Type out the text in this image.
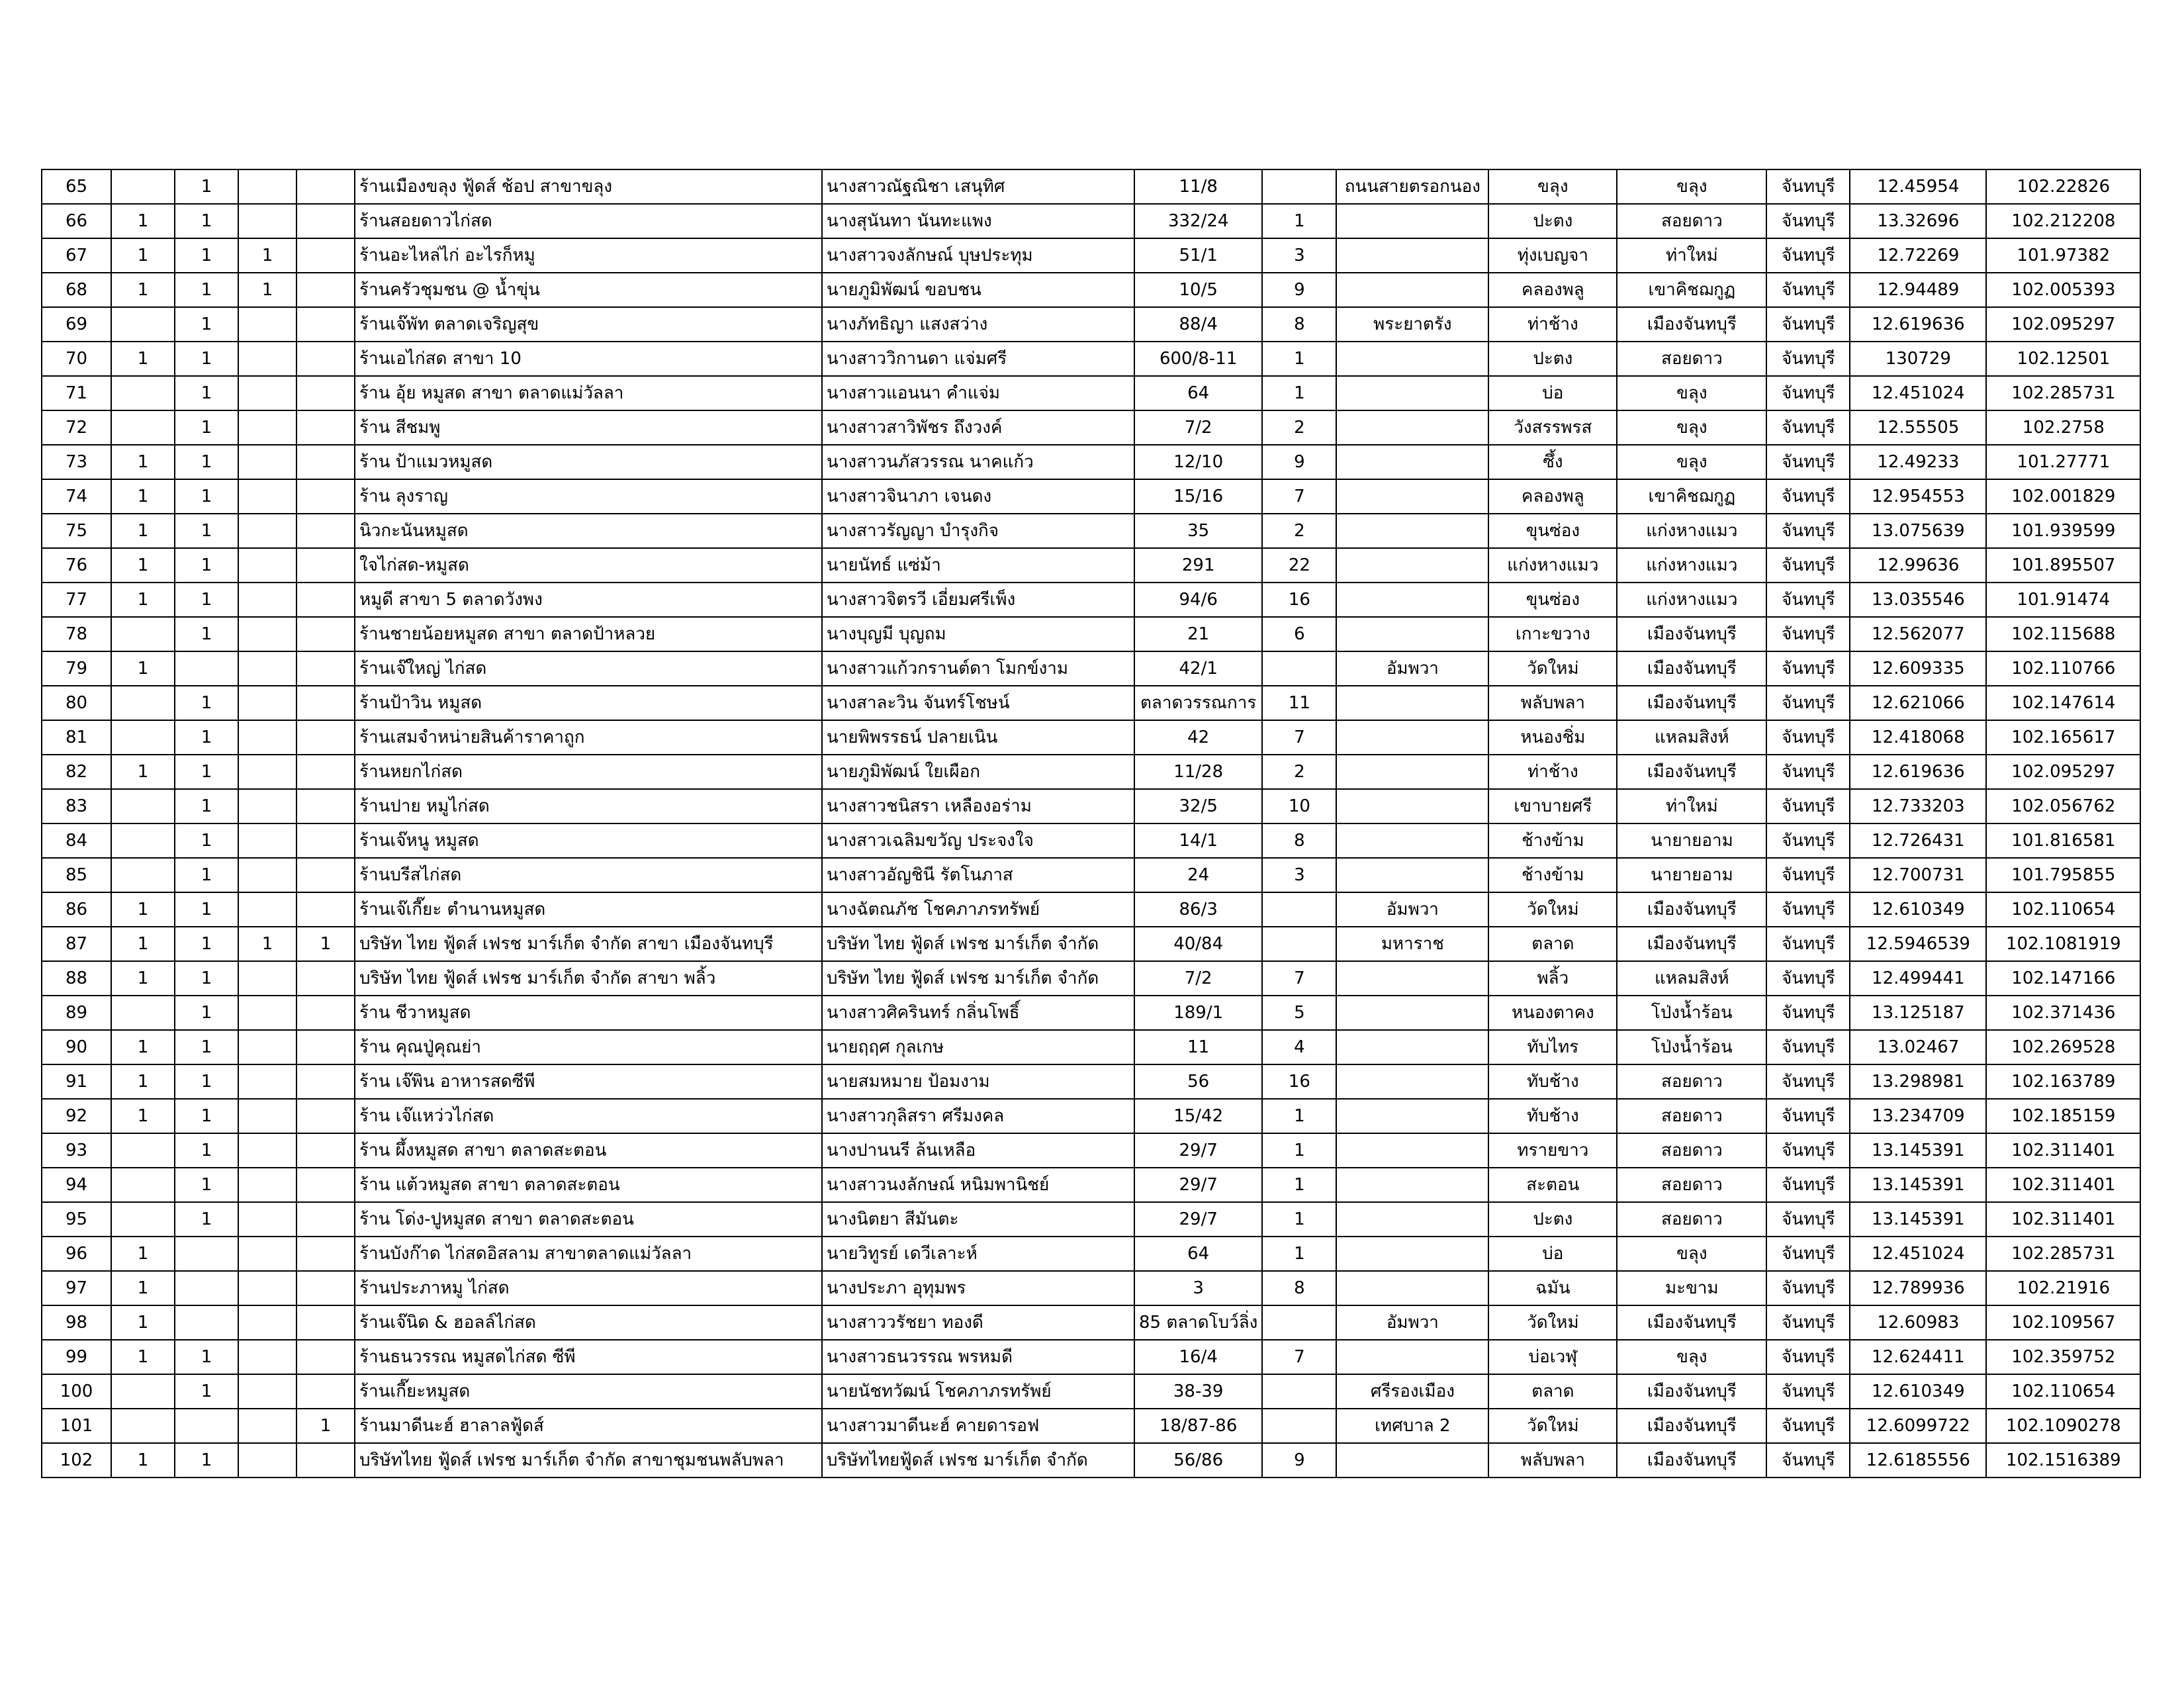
65		1			ร้านเมืองขลุง ฟู้ดส์ ช้อป สาขาขลุง	นางสาวณัฐณิชา เสนุทิศ	11/8		ถนนสายตรอกนอง	ขลุง	ขลุง	จันทบุรี	12.45954	102.22826
66	1	1			ร้านสอยดาวไก่สด	นางสุนันทา นันทะแพง	332/24	1		ปะตง	สอยดาว	จันทบุรี	13.32696	102.212208
67	1	1	1		ร้านอะไหล่ไก่ อะไรก็หมู	นางสาวจงลักษณ์ บุษประทุม	51/1	3		ทุ่งเบญจา	ท่าใหม่	จันทบุรี	12.72269	101.97382
68	1	1	1		ร้านครัวชุมชน @ น้ำขุ่น	นายภูมิพัฒน์ ขอบชน	10/5	9		คลองพลู	เขาคิชฌกูฏ	จันทบุรี	12.94489	102.005393
69		1			ร้านเจ๊พัท ตลาดเจริญสุข	นางภัทธิญา แสงสว่าง	88/4	8	พระยาตรัง	ท่าช้าง	เมืองจันทบุรี	จันทบุรี	12.619636	102.095297
70	1	1			ร้านเอไก่สด สาขา 10	นางสาววิกานดา แจ่มศรี	600/8-11	1		ปะตง	สอยดาว	จันทบุรี	130729	102.12501
71		1			ร้าน อุ้ย หมูสด สาขา ตลาดแม่วัลลา	นางสาวแอนนา คำแจ่ม	64	1		บ่อ	ขลุง	จันทบุรี	12.451024	102.285731
72		1			ร้าน สีชมพู	นางสาวสาวิพัชร ถึงวงค์	7/2	2		วังสรรพรส	ขลุง	จันทบุรี	12.55505	102.2758
73	1	1			ร้าน ป้าแมวหมูสด	นางสาวนภัสวรรณ นาคแก้ว	12/10	9		ซึ้ง	ขลุง	จันทบุรี	12.49233	101.27771
74	1	1			ร้าน ลุงราญ	นางสาวจินาภา เจนดง	15/16	7		คลองพลู	เขาคิชฌกูฏ	จันทบุรี	12.954553	102.001829
75	1	1			นิวกะนันหมูสด	นางสาวรัญญา บำรุงกิจ	35	2		ขุนซ่อง	แก่งหางแมว	จันทบุรี	13.075639	101.939599
76	1	1			ใจไก่สด-หมูสด	นายนัทธ์ แซ่ม้า	291	22		แก่งหางแมว	แก่งหางแมว	จันทบุรี	12.99636	101.895507
77	1	1			หมูดี สาขา 5 ตลาดวังพง	นางสาวจิตรวี เอี่ยมศรีเพ็ง	94/6	16		ขุนซ่อง	แก่งหางแมว	จันทบุรี	13.035546	101.91474
78		1			ร้านชายน้อยหมูสด สาขา ตลาดป้าหลวย	นางบุญมี บุญถม	21	6		เกาะขวาง	เมืองจันทบุรี	จันทบุรี	12.562077	102.115688
79	1				ร้านเจ๊ใหญ่ ไก่สด	นางสาวแก้วกรานต์ดา โมกข์งาม	42/1		อัมพวา	วัดใหม่	เมืองจันทบุรี	จันทบุรี	12.609335	102.110766
80		1			ร้านป้าวิน หมูสด	นางสาละวิน จันทร์โชษน์	ตลาดวรรณการ	11		พลับพลา	เมืองจันทบุรี	จันทบุรี	12.621066	102.147614
81		1			ร้านเสมจำหน่ายสินค้าราคาถูก	นายพิพรรธน์ ปลายเนิน	42	7		หนองชิ่ม	แหลมสิงห์	จันทบุรี	12.418068	102.165617
82	1	1			ร้านหยกไก่สด	นายภูมิพัฒน์ ใยเผือก	11/28	2		ท่าช้าง	เมืองจันทบุรี	จันทบุรี	12.619636	102.095297
83		1			ร้านปาย หมูไก่สด	นางสาวชนิสรา เหลืองอร่าม	32/5	10		เขาบายศรี	ท่าใหม่	จันทบุรี	12.733203	102.056762
84		1			ร้านเจ๊หนู หมูสด	นางสาวเฉลิมขวัญ ประจงใจ	14/1	8		ช้างข้าม	นายายอาม	จันทบุรี	12.726431	101.816581
85		1			ร้านบรีสไก่สด	นางสาวอัญชินี รัตโนภาส	24	3		ช้างข้าม	นายายอาม	จันทบุรี	12.700731	101.795855
86	1	1			ร้านเจ๊เกี๊ยะ ตำนานหมูสด	นางฉัตณภัช โชคภาภรทรัพย์	86/3		อัมพวา	วัดใหม่	เมืองจันทบุรี	จันทบุรี	12.610349	102.110654
87	1	1	1	1	บริษัท ไทย ฟู้ดส์ เฟรช มาร์เก็ต จำกัด สาขา เมืองจันทบุรี	บริษัท ไทย ฟู้ดส์ เฟรช มาร์เก็ต จำกัด	40/84		มหาราช	ตลาด	เมืองจันทบุรี	จันทบุรี	12.5946539	102.1081919
88	1	1			บริษัท ไทย ฟู้ดส์ เฟรช มาร์เก็ต จำกัด สาขา พลิ้ว	บริษัท ไทย ฟู้ดส์ เฟรช มาร์เก็ต จำกัด	7/2	7		พลิ้ว	แหลมสิงห์	จันทบุรี	12.499441	102.147166
89		1			ร้าน ชีวาหมูสด	นางสาวศิครินทร์ กลิ่นโพธิ์	189/1	5		หนองตาคง	โป่งน้ำร้อน	จันทบุรี	13.125187	102.371436
90	1	1			ร้าน คุณปู่คุณย่า	นายฤฤศ กุลเกษ	11	4		ทับไทร	โป่งน้ำร้อน	จันทบุรี	13.02467	102.269528
91	1	1			ร้าน เจ๊พิน อาหารสดซีพี	นายสมหมาย ป้อมงาม	56	16		ทับช้าง	สอยดาว	จันทบุรี	13.298981	102.163789
92	1	1			ร้าน เจ๊แหว่วไก่สด	นางสาวกุลิสรา ศรีมงคล	15/42	1		ทับช้าง	สอยดาว	จันทบุรี	13.234709	102.185159
93		1			ร้าน ผึ้งหมูสด สาขา ตลาดสะตอน	นางปานนรี ล้นเหลือ	29/7	1		ทรายขาว	สอยดาว	จันทบุรี	13.145391	102.311401
94		1			ร้าน แต้วหมูสด สาขา ตลาดสะตอน	นางสาวนงลักษณ์ หนิมพานิชย์	29/7	1		สะตอน	สอยดาว	จันทบุรี	13.145391	102.311401
95		1			ร้าน โด่ง-ปูหมูสด สาขา ตลาดสะตอน	นางนิตยา สีมันตะ	29/7	1		ปะตง	สอยดาว	จันทบุรี	13.145391	102.311401
96	1				ร้านบังก๊าด ไก่สดอิสลาม สาขาตลาดแม่วัลลา	นายวิทูรย์ เดวีเลาะห์	64	1		บ่อ	ขลุง	จันทบุรี	12.451024	102.285731
97	1				ร้านประภาหมู ไก่สด	นางประภา อุทุมพร	3	8		ฉมัน	มะขาม	จันทบุรี	12.789936	102.21916
98	1				ร้านเจ๊นิด & ฮอลล์ไก่สด	นางสาววรัชยา ทองดี	85 ตลาดโบว์ลิ่ง		อัมพวา	วัดใหม่	เมืองจันทบุรี	จันทบุรี	12.60983	102.109567
99	1	1			ร้านธนวรรณ หมูสดไก่สด ซีพี	นางสาวธนวรรณ พรหมดี	16/4	7		บ่อเวฬุ	ขลุง	จันทบุรี	12.624411	102.359752
100		1			ร้านเกี๊ยะหมูสด	นายนัชทวัฒน์ โชคภาภรทรัพย์	38-39		ศรีรองเมือง	ตลาด	เมืองจันทบุรี	จันทบุรี	12.610349	102.110654
101				1	ร้านมาดีนะฮ์ ฮาลาลฟู้ดส์	นางสาวมาดีนะฮ์ คายดารอฟ	18/87-86		เทศบาล 2	วัดใหม่	เมืองจันทบุรี	จันทบุรี	12.6099722	102.1090278
102	1	1			บริษัทไทย ฟู้ดส์ เฟรช มาร์เก็ต จำกัด สาขาชุมชนพลับพลา	บริษัทไทยฟู้ดส์ เฟรช มาร์เก็ต จำกัด	56/86	9		พลับพลา	เมืองจันทบุรี	จันทบุรี	12.6185556	102.1516389
